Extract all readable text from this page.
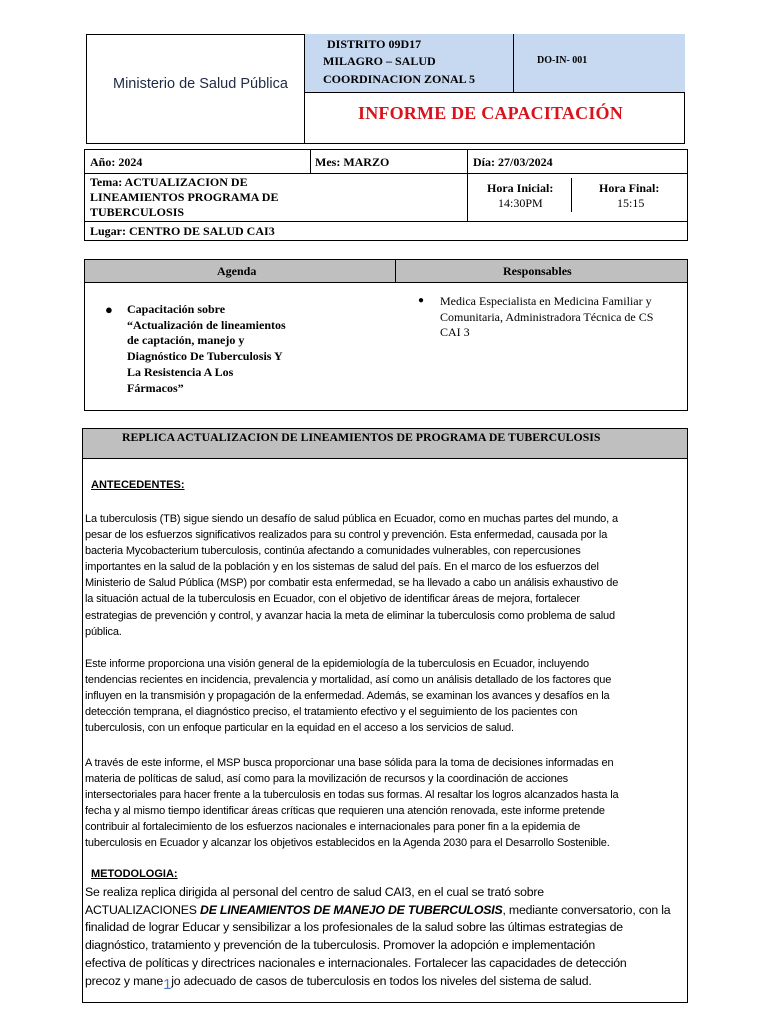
Ministerio de Salud Pública
DISTRITO 09D17
MILAGRO – SALUD
COORDINACION ZONAL 5
DO-IN- 001
INFORME DE CAPACITACIÓN
Año: 2024	Mes: MARZO	Día: 27/03/2024
Tema: ACTUALIZACION DE
LINEAMIENTOS PROGRAMA DE
TUBERCULOSIS
Hora Inicial:
14:30PM
Hora Final:
15:15
Lugar: CENTRO DE SALUD CAI3
Agenda	Responsables
● Capacitación sobre
“Actualización de lineamientos
de captación, manejo y
Diagnóstico De Tuberculosis Y
La Resistencia A Los
Fármacos”
● Medica Especialista en Medicina Familiar y
Comunitaria, Administradora Técnica de CS
CAI 3
REPLICA ACTUALIZACION DE LINEAMIENTOS DE PROGRAMA DE TUBERCULOSIS
ANTECEDENTES:
La tuberculosis (TB) sigue siendo un desafío de salud pública en Ecuador, como en muchas partes del mundo, a
pesar de los esfuerzos significativos realizados para su control y prevención. Esta enfermedad, causada por la
bacteria Mycobacterium tuberculosis, continúa afectando a comunidades vulnerables, con repercusiones
importantes en la salud de la población y en los sistemas de salud del país. En el marco de los esfuerzos del
Ministerio de Salud Pública (MSP) por combatir esta enfermedad, se ha llevado a cabo un análisis exhaustivo de
la situación actual de la tuberculosis en Ecuador, con el objetivo de identificar áreas de mejora, fortalecer
estrategias de prevención y control, y avanzar hacia la meta de eliminar la tuberculosis como problema de salud
pública.
Este informe proporciona una visión general de la epidemiología de la tuberculosis en Ecuador, incluyendo
tendencias recientes en incidencia, prevalencia y mortalidad, así como un análisis detallado de los factores que
influyen en la transmisión y propagación de la enfermedad. Además, se examinan los avances y desafíos en la
detección temprana, el diagnóstico preciso, el tratamiento efectivo y el seguimiento de los pacientes con
tuberculosis, con un enfoque particular en la equidad en el acceso a los servicios de salud.
A través de este informe, el MSP busca proporcionar una base sólida para la toma de decisiones informadas en
materia de políticas de salud, así como para la movilización de recursos y la coordinación de acciones
intersectoriales para hacer frente a la tuberculosis en todas sus formas. Al resaltar los logros alcanzados hasta la
fecha y al mismo tiempo identificar áreas críticas que requieren una atención renovada, este informe pretende
contribuir al fortalecimiento de los esfuerzos nacionales e internacionales para poner fin a la epidemia de
tuberculosis en Ecuador y alcanzar los objetivos establecidos en la Agenda 2030 para el Desarrollo Sostenible.
METODOLOGIA:
Se realiza replica dirigida al personal del centro de salud CAI3, en el cual se trató sobre
ACTUALIZACIONES DE LINEAMIENTOS DE MANEJO DE TUBERCULOSIS, mediante conversatorio, con la
finalidad de lograr Educar y sensibilizar a los profesionales de la salud sobre las últimas estrategias de
diagnóstico, tratamiento y prevención de la tuberculosis. Promover la adopción e implementación
efectiva de políticas y directrices nacionales e internacionales. Fortalecer las capacidades de detección
precoz y mane1jo adecuado de casos de tuberculosis en todos los niveles del sistema de salud.
